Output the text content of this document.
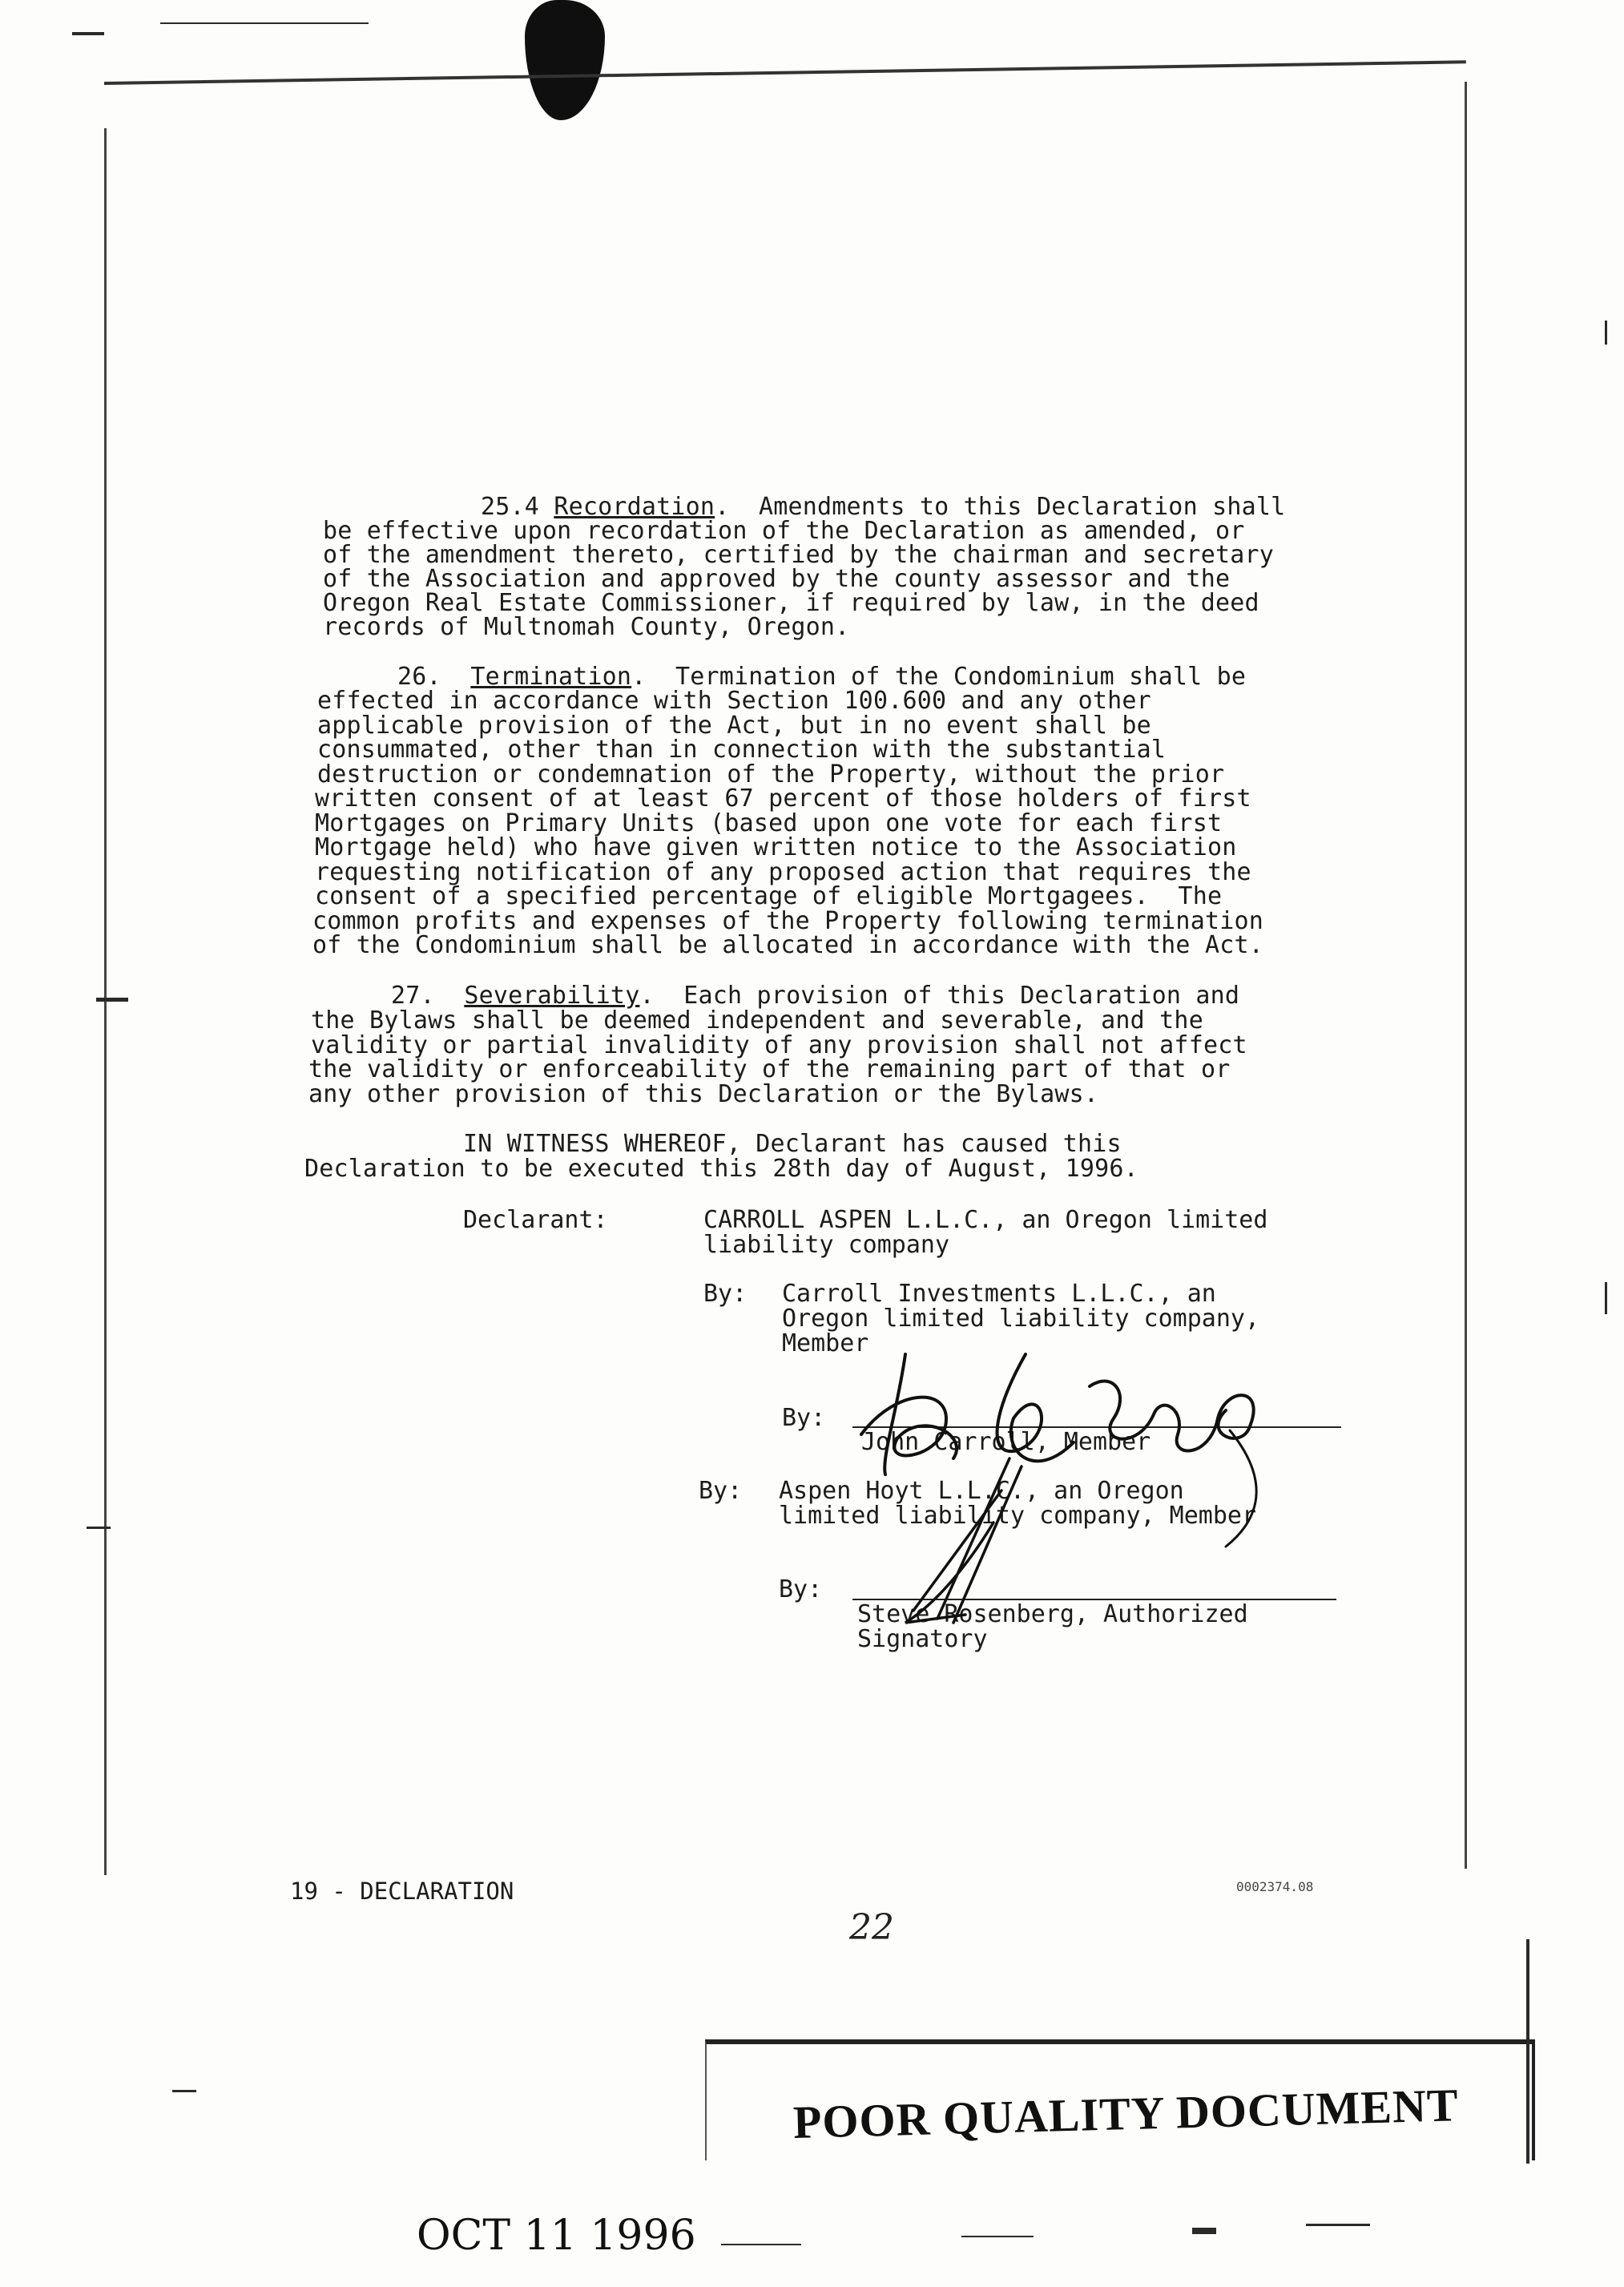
25.4 Recordation.  Amendments to this Declaration shall
be effective upon recordation of the Declaration as amended, or
of the amendment thereto, certified by the chairman and secretary
of the Association and approved by the county assessor and the
Oregon Real Estate Commissioner, if required by law, in the deed
records of Multnomah County, Oregon.
26.  Termination.  Termination of the Condominium shall be
effected in accordance with Section 100.600 and any other
applicable provision of the Act, but in no event shall be
consummated, other than in connection with the substantial
destruction or condemnation of the Property, without the prior
written consent of at least 67 percent of those holders of first
Mortgages on Primary Units (based upon one vote for each first
Mortgage held) who have given written notice to the Association
requesting notification of any proposed action that requires the
consent of a specified percentage of eligible Mortgagees.  The
common profits and expenses of the Property following termination
of the Condominium shall be allocated in accordance with the Act.
27.  Severability.  Each provision of this Declaration and
the Bylaws shall be deemed independent and severable, and the
validity or partial invalidity of any provision shall not affect
the validity or enforceability of the remaining part of that or
any other provision of this Declaration or the Bylaws.
IN WITNESS WHEREOF, Declarant has caused this
Declaration to be executed this 28th day of August, 1996.
Declarant:	CARROLL ASPEN L.L.C., an Oregon limited
liability company
By: Carroll Investments L.L.C., an
Oregon limited liability company,
Member
By:
John Carroll, Member
By: Aspen Hoyt L.L.C., an Oregon
limited liability company, Member
By:
Steve Rosenberg, Authorized
Signatory
19 - DECLARATION	0002374.08
22
POOR QUALITY DOCUMENT
OCT 11 1996
